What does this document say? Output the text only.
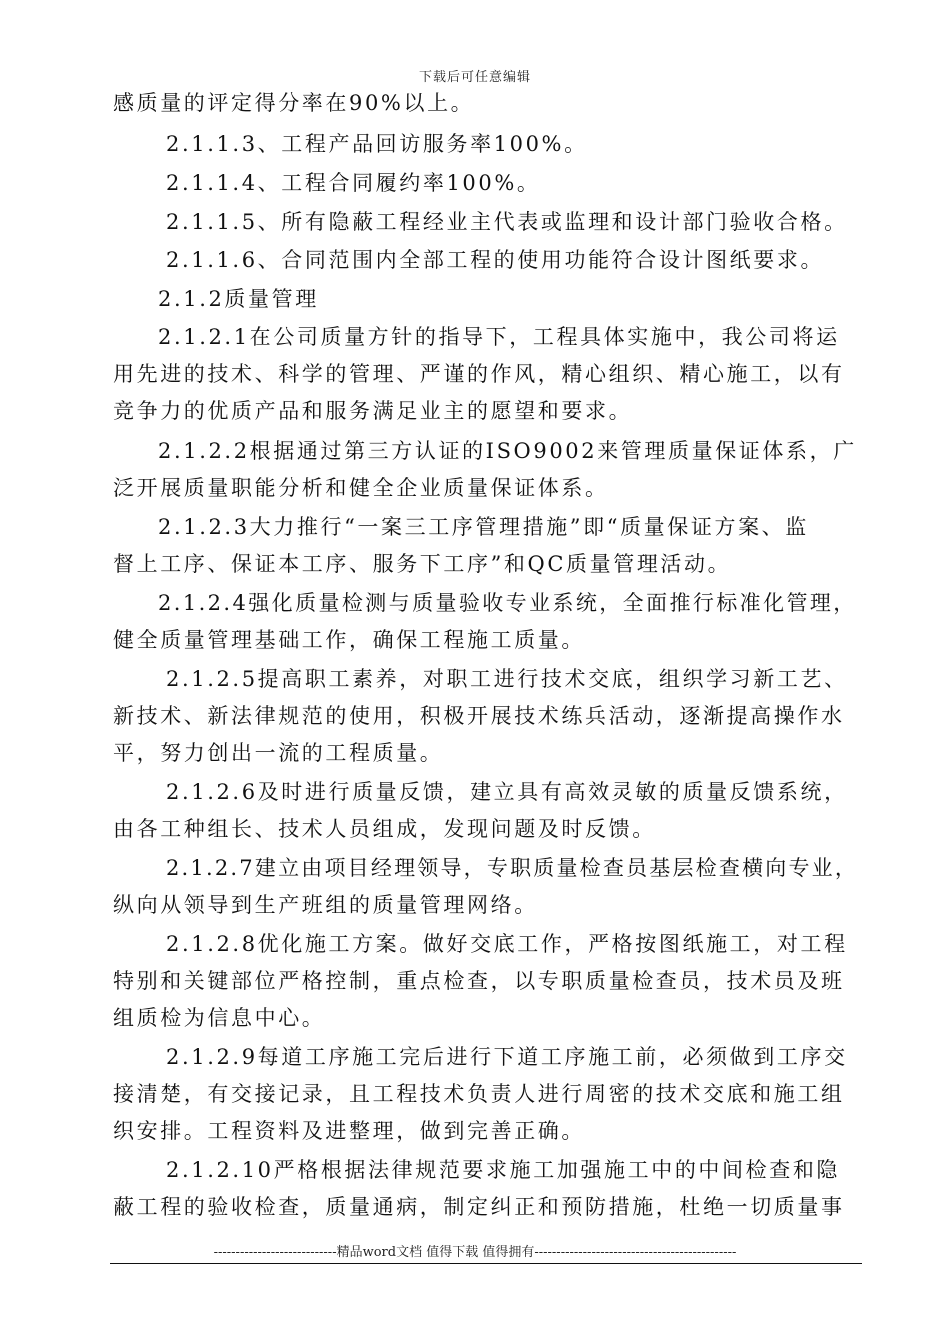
下载后可任意编辑
感质量的评定得分率在90%以上。
2.1.1.3、工程产品回访服务率100%。
2.1.1.4、工程合同履约率100%。
2.1.1.5、所有隐蔽工程经业主代表或监理和设计部门验收合格。
2.1.1.6、合同范围内全部工程的使用功能符合设计图纸要求。
2.1.2质量管理
2.1.2.1在公司质量方针的指导下，工程具体实施中，我公司将运
用先进的技术、科学的管理、严谨的作风，精心组织、精心施工，以有
竞争力的优质产品和服务满足业主的愿望和要求。
2.1.2.2根据通过第三方认证的ISO9002来管理质量保证体系，广
泛开展质量职能分析和健全企业质量保证体系。
2.1.2.3大力推行“一案三工序管理措施”即“质量保证方案、监
督上工序、保证本工序、服务下工序”和QC质量管理活动。
2.1.2.4强化质量检测与质量验收专业系统，全面推行标准化管理，
健全质量管理基础工作，确保工程施工质量。
2.1.2.5提高职工素养，对职工进行技术交底，组织学习新工艺、
新技术、新法律规范的使用，积极开展技术练兵活动，逐渐提高操作水
平，努力创出一流的工程质量。
2.1.2.6及时进行质量反馈，建立具有高效灵敏的质量反馈系统，
由各工种组长、技术人员组成，发现问题及时反馈。
2.1.2.7建立由项目经理领导，专职质量检查员基层检查横向专业，
纵向从领导到生产班组的质量管理网络。
2.1.2.8优化施工方案。做好交底工作，严格按图纸施工，对工程
特别和关键部位严格控制，重点检查，以专职质量检查员，技术员及班
组质检为信息中心。
2.1.2.9每道工序施工完后进行下道工序施工前，必须做到工序交
接清楚，有交接记录，且工程技术负责人进行周密的技术交底和施工组
织安排。工程资料及进整理，做到完善正确。
2.1.2.10严格根据法律规范要求施工加强施工中的中间检查和隐
蔽工程的验收检查，质量通病，制定纠正和预防措施，杜绝一切质量事
----------------------------精品word文档 值得下载 值得拥有----------------------------------------------
